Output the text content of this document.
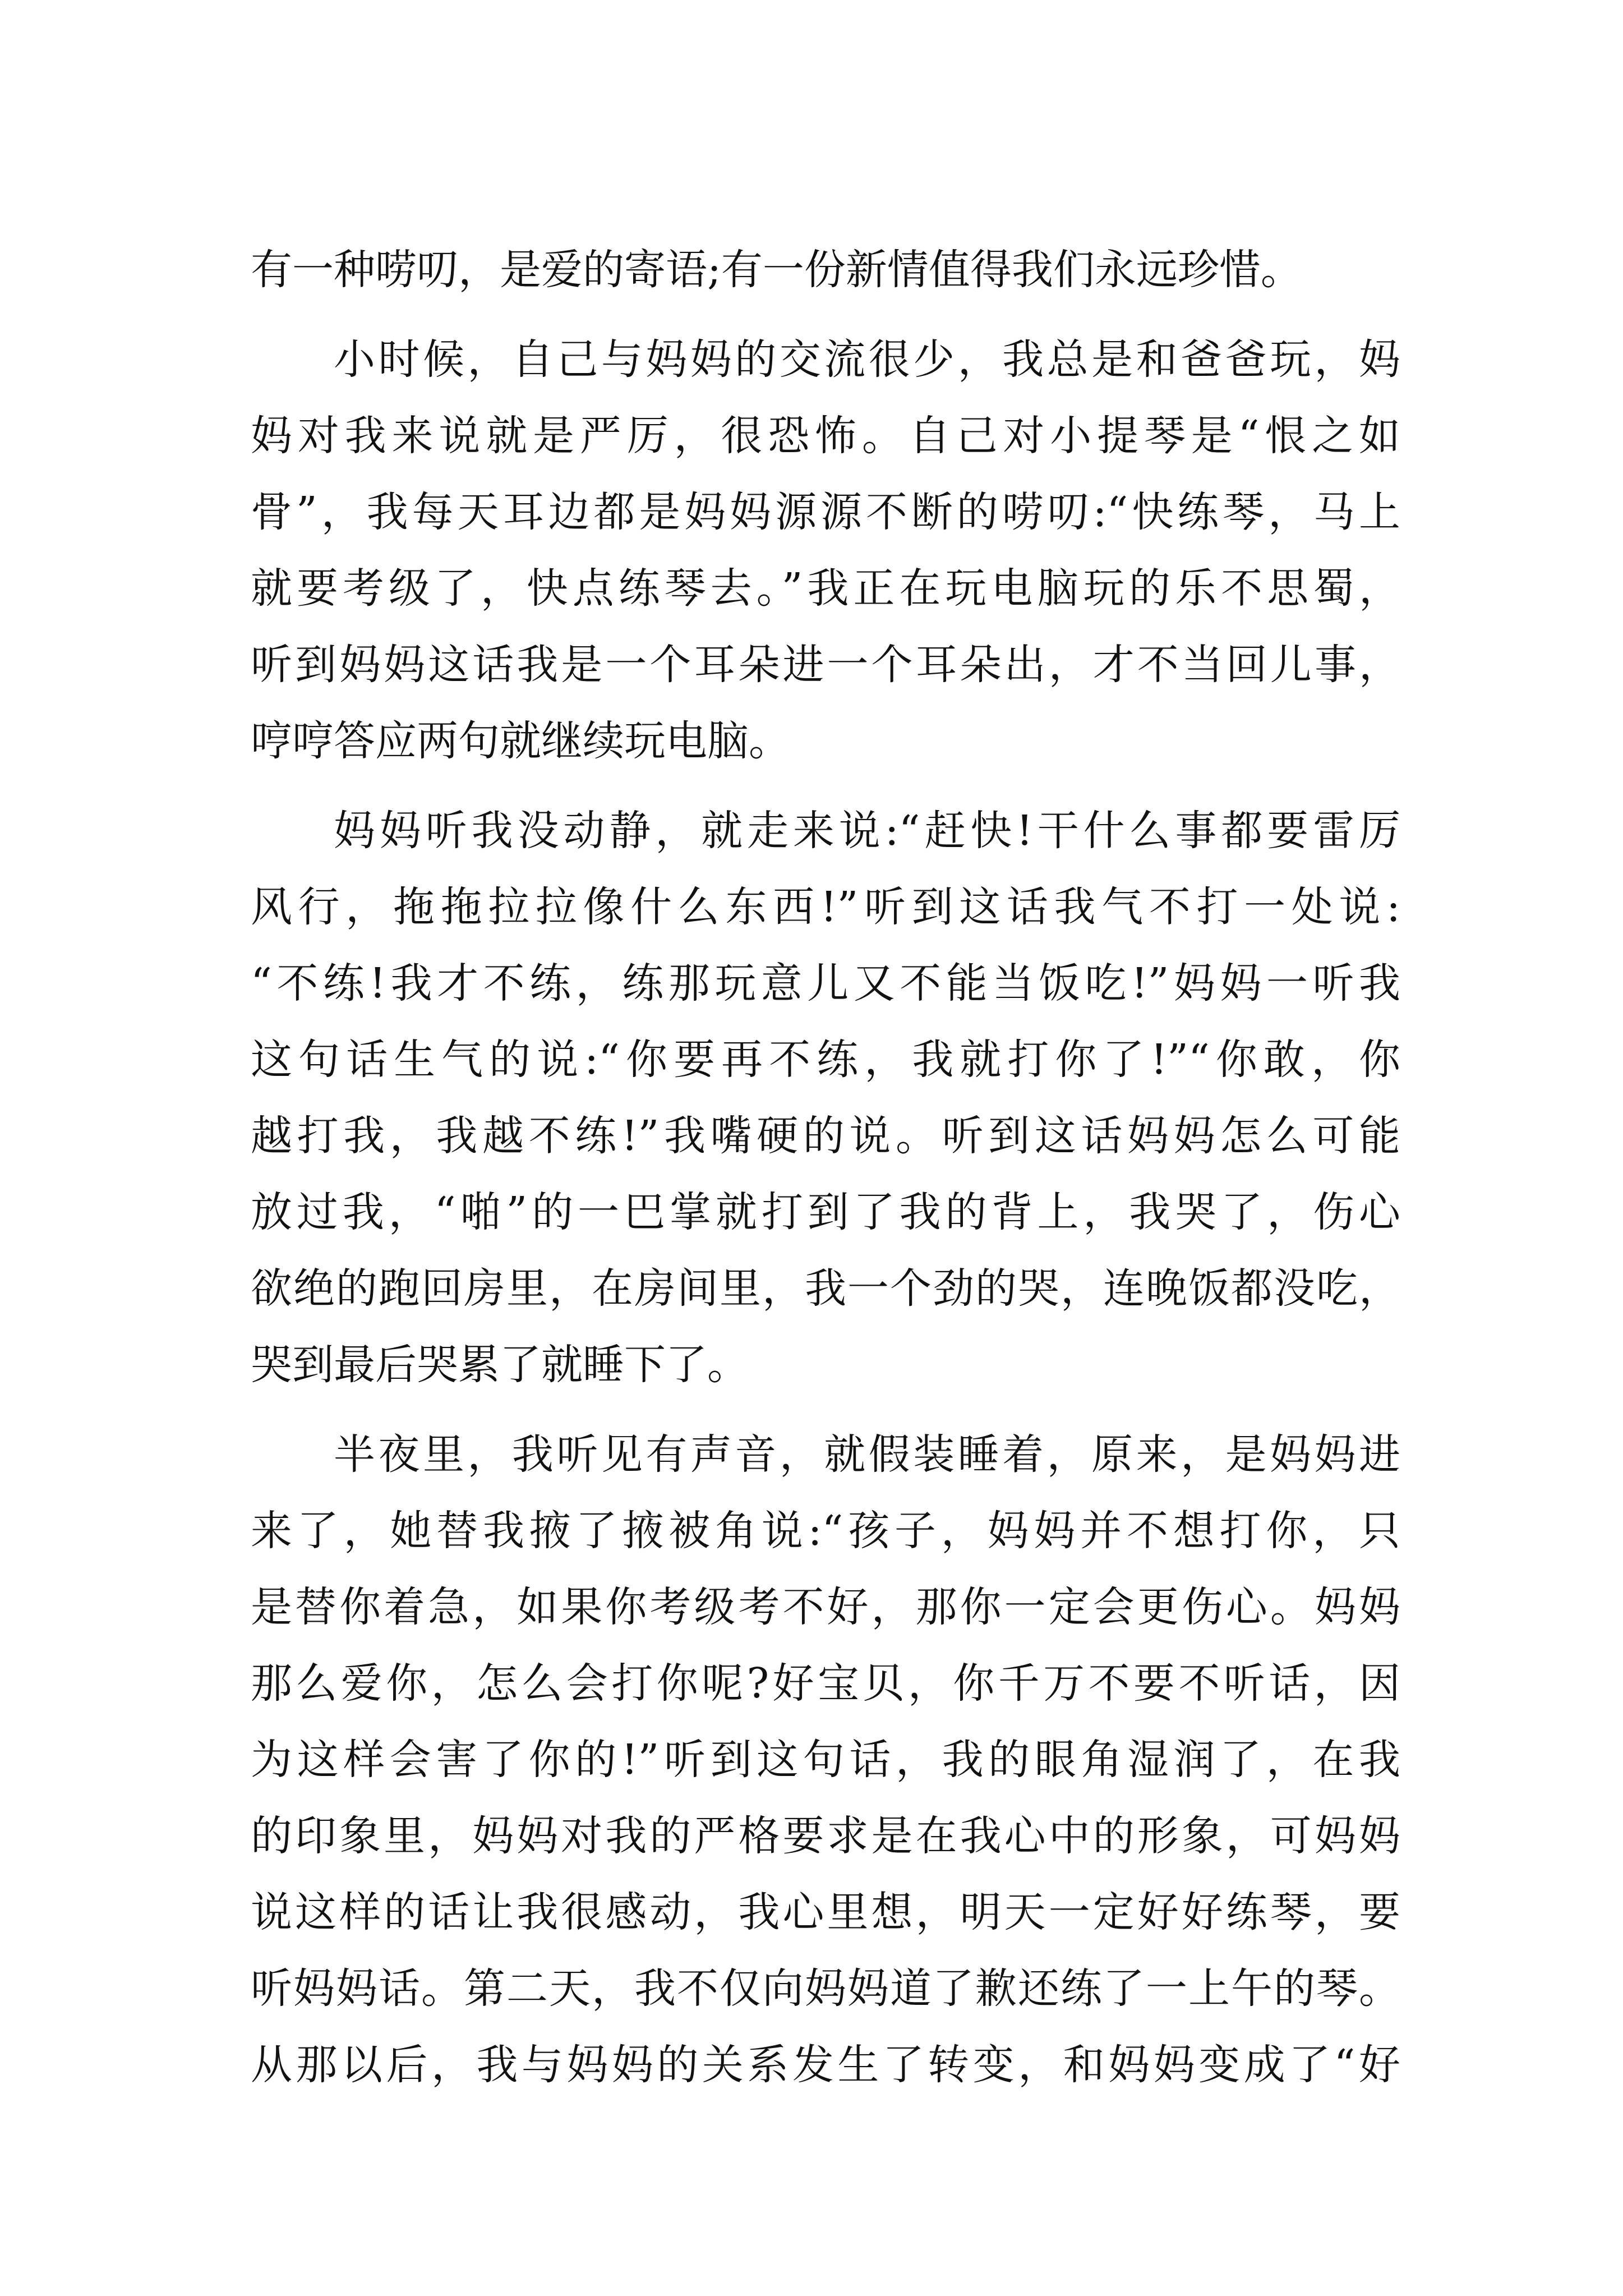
有一种唠叨，是爱的寄语;有一份新情值得我们永远珍惜。
小时候，自己与妈妈的交流很少，我总是和爸爸玩，妈
妈对我来说就是严厉，很恐怖。自己对小提琴是“恨之如
骨”，我每天耳边都是妈妈源源不断的唠叨:“快练琴，马上
就要考级了，快点练琴去。”我正在玩电脑玩的乐不思蜀，
听到妈妈这话我是一个耳朵进一个耳朵出，才不当回儿事，
哼哼答应两句就继续玩电脑。
妈妈听我没动静，就走来说:“赶快!干什么事都要雷厉
风行，拖拖拉拉像什么东西!”听到这话我气不打一处说:
“不练!我才不练，练那玩意儿又不能当饭吃!”妈妈一听我
这句话生气的说:“你要再不练，我就打你了!”“你敢，你
越打我，我越不练!”我嘴硬的说。听到这话妈妈怎么可能
放过我，“啪”的一巴掌就打到了我的背上，我哭了，伤心
欲绝的跑回房里，在房间里，我一个劲的哭，连晚饭都没吃，
哭到最后哭累了就睡下了。
半夜里，我听见有声音，就假装睡着，原来，是妈妈进
来了，她替我掖了掖被角说:“孩子，妈妈并不想打你，只
是替你着急，如果你考级考不好，那你一定会更伤心。妈妈
那么爱你，怎么会打你呢?好宝贝，你千万不要不听话，因
为这样会害了你的!”听到这句话，我的眼角湿润了，在我
的印象里，妈妈对我的严格要求是在我心中的形象，可妈妈
说这样的话让我很感动，我心里想，明天一定好好练琴，要
听妈妈话。第二天，我不仅向妈妈道了歉还练了一上午的琴。
从那以后，我与妈妈的关系发生了转变，和妈妈变成了“好
